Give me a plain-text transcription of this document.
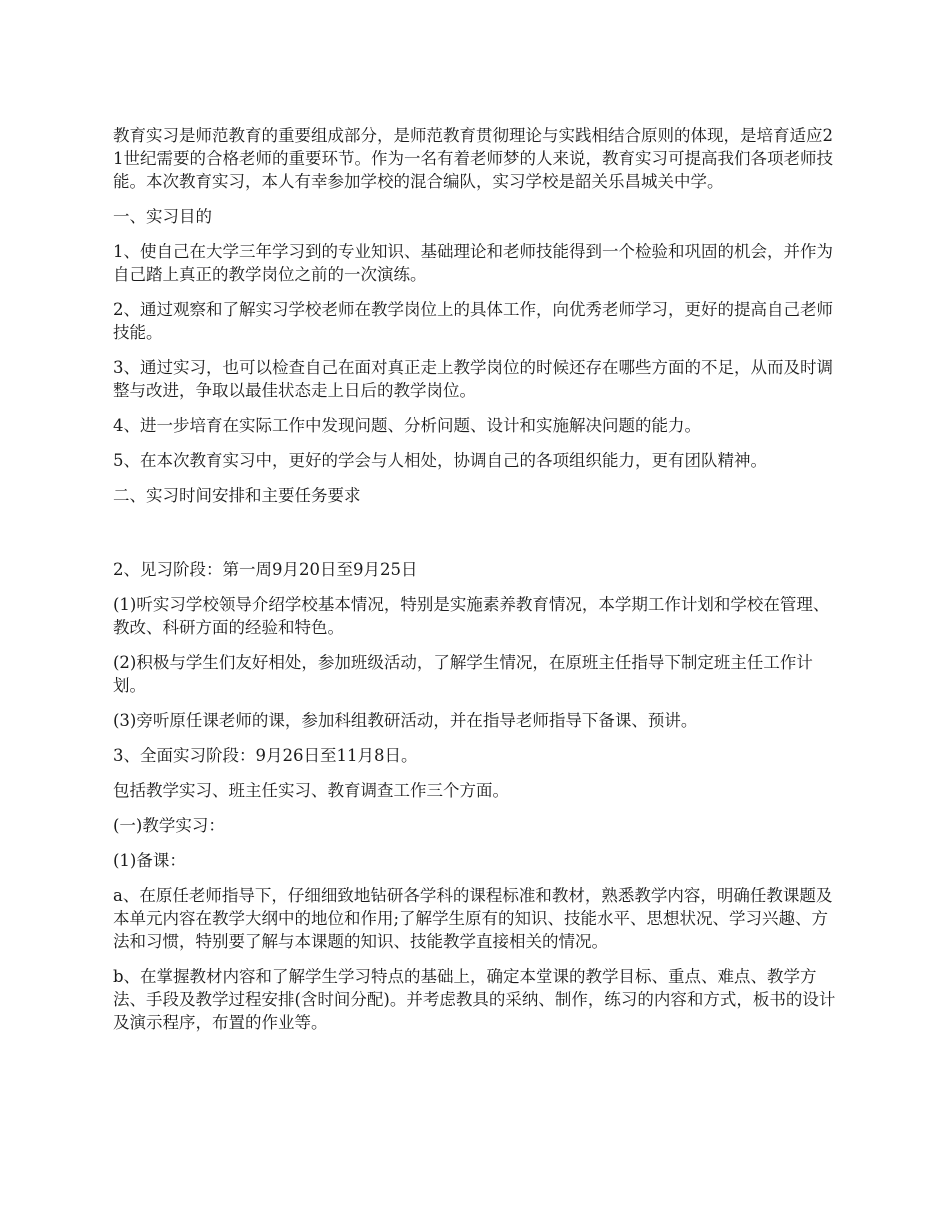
教育实习是师范教育的重要组成部分，是师范教育贯彻理论与实践相结合原则的体现，是培育适应21世纪需要的合格老师的重要环节。作为一名有着老师梦的人来说，教育实习可提高我们各项老师技能。本次教育实习，本人有幸参加学校的混合编队，实习学校是韶关乐昌城关中学。

一、实习目的

1、使自己在大学三年学习到的专业知识、基础理论和老师技能得到一个检验和巩固的机会，并作为自己踏上真正的教学岗位之前的一次演练。

2、通过观察和了解实习学校老师在教学岗位上的具体工作，向优秀老师学习，更好的提高自己老师技能。

3、通过实习，也可以检查自己在面对真正走上教学岗位的时候还存在哪些方面的不足，从而及时调整与改进，争取以最佳状态走上日后的教学岗位。

4、进一步培育在实际工作中发现问题、分析问题、设计和实施解决问题的能力。

5、在本次教育实习中，更好的学会与人相处，协调自己的各项组织能力，更有团队精神。

二、实习时间安排和主要任务要求

2、见习阶段：第一周9月20日至9月25日

(1)听实习学校领导介绍学校基本情况，特别是实施素养教育情况，本学期工作计划和学校在管理、教改、科研方面的经验和特色。

(2)积极与学生们友好相处，参加班级活动，了解学生情况，在原班主任指导下制定班主任工作计划。

(3)旁听原任课老师的课，参加科组教研活动，并在指导老师指导下备课、预讲。

3、全面实习阶段：9月26日至11月8日。

包括教学实习、班主任实习、教育调查工作三个方面。

(一)教学实习：

(1)备课：

a、在原任老师指导下，仔细细致地钻研各学科的课程标准和教材，熟悉教学内容，明确任教课题及本单元内容在教学大纲中的地位和作用;了解学生原有的知识、技能水平、思想状况、学习兴趣、方法和习惯，特别要了解与本课题的知识、技能教学直接相关的情况。

b、在掌握教材内容和了解学生学习特点的基础上，确定本堂课的教学目标、重点、难点、教学方法、手段及教学过程安排(含时间分配)。并考虑教具的采纳、制作，练习的内容和方式，板书的设计及演示程序，布置的作业等。
